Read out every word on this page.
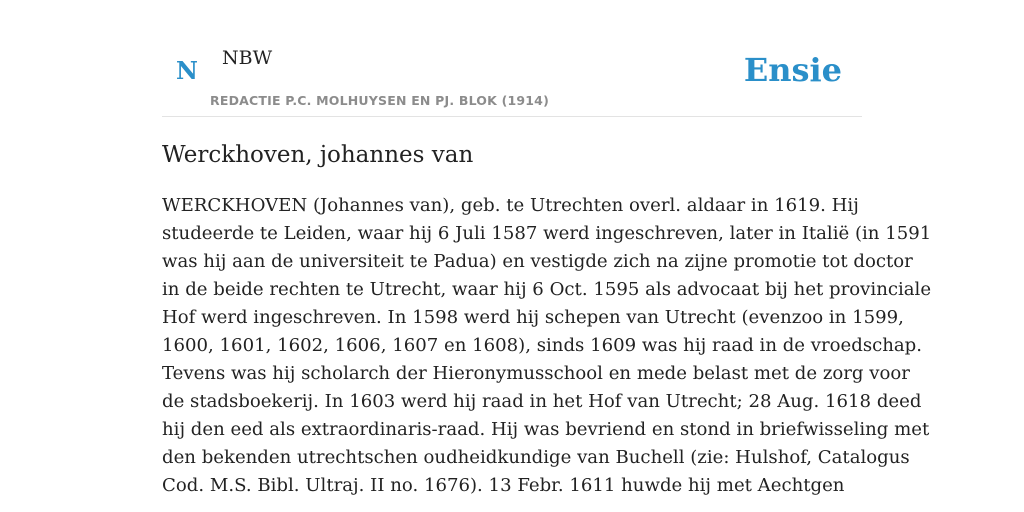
N NBW
REDACTIE P.C. MOLHUYSEN EN PJ. BLOK (1914)
Ensie
Werckhoven, johannes van
WERCKHOVEN (Johannes van), geb. te Utrechten overl. aldaar in 1619. Hij
studeerde te Leiden, waar hij 6 Juli 1587 werd ingeschreven, later in Italië (in 1591
was hij aan de universiteit te Padua) en vestigde zich na zijne promotie tot doctor
in de beide rechten te Utrecht, waar hij 6 Oct. 1595 als advocaat bij het provinciale
Hof werd ingeschreven. In 1598 werd hij schepen van Utrecht (evenzoo in 1599,
1600, 1601, 1602, 1606, 1607 en 1608), sinds 1609 was hij raad in de vroedschap.
Tevens was hij scholarch der Hieronymusschool en mede belast met de zorg voor
de stadsboekerij. In 1603 werd hij raad in het Hof van Utrecht; 28 Aug. 1618 deed
hij den eed als extraordinaris-raad. Hij was bevriend en stond in briefwisseling met
den bekenden utrechtschen oudheidkundige van Buchell (zie: Hulshof, Catalogus
Cod. M.S. Bibl. Ultraj. II no. 1676). 13 Febr. 1611 huwde hij met Aechtgen
